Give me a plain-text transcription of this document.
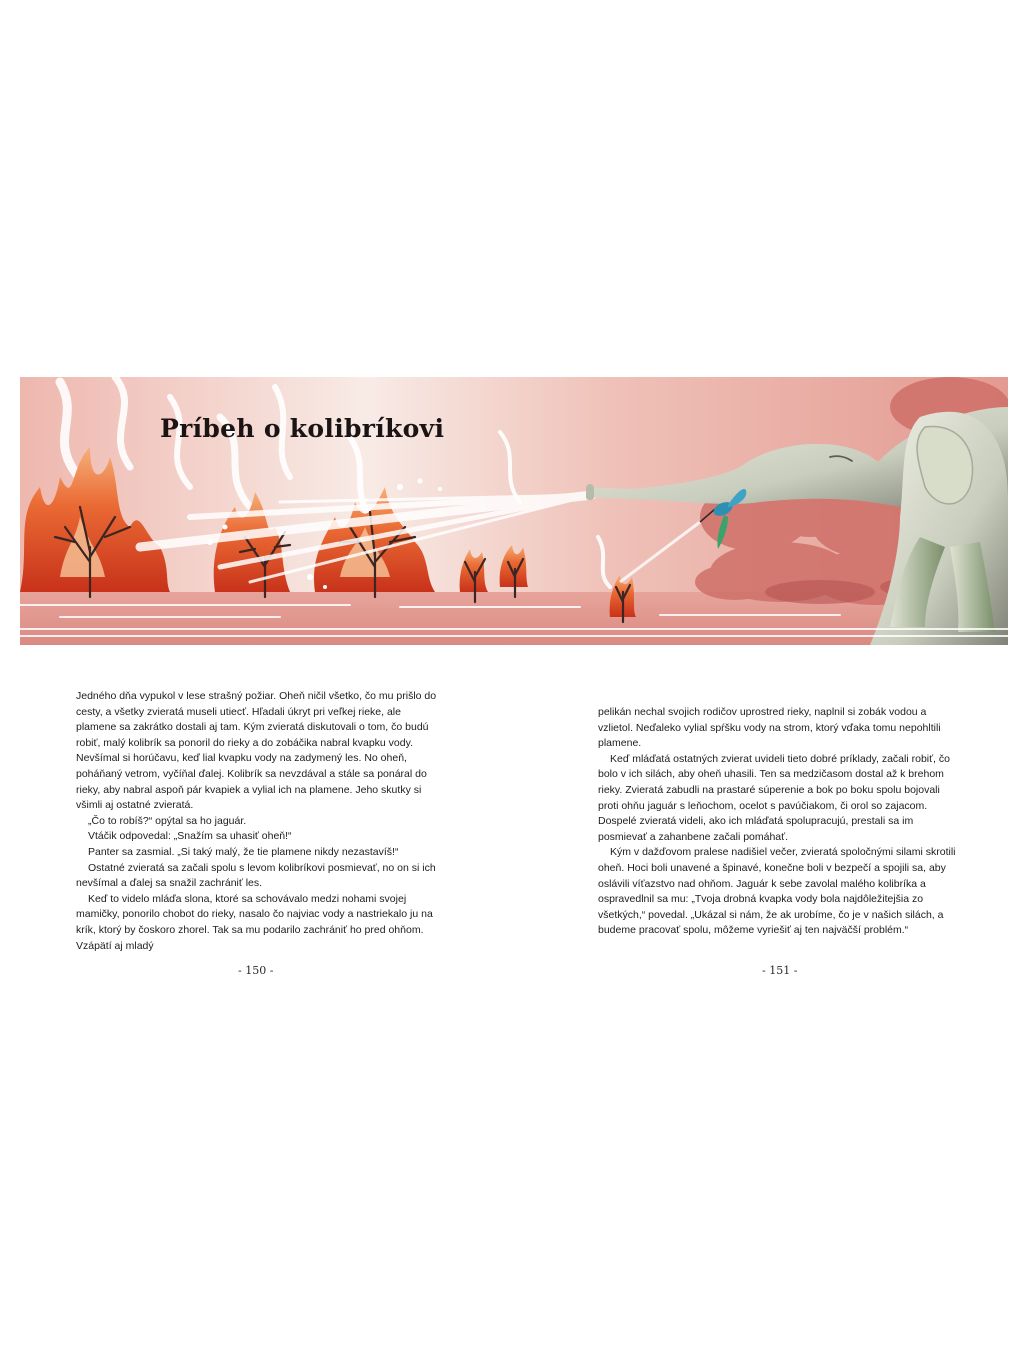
Príbeh o kolibríkovi

Jedného dňa vypukol v lese strašný požiar. Oheň ničil všetko, čo mu prišlo do cesty, a všetky zvieratá museli utiecť. Hľadali úkryt pri veľkej rieke, ale plamene sa zakrátko dostali aj tam. Kým zvieratá diskutovali o tom, čo budú robiť, malý kolibrík sa ponoril do rieky a do zobáčika nabral kvapku vody. Nevšímal si horúčavu, keď lial kvapku vody na zadymený les. No oheň, poháňaný vetrom, vyčíňal ďalej. Kolibrík sa nevzdával a stále sa ponáral do rieky, aby nabral aspoň pár kvapiek a vylial ich na plamene. Jeho skutky si všimli aj ostatné zvieratá.

„Čo to robíš?“ opýtal sa ho jaguár.

Vtáčik odpovedal: „Snažím sa uhasiť oheň!“

Panter sa zasmial. „Si taký malý, že tie plamene nikdy nezastavíš!“

Ostatné zvieratá sa začali spolu s levom kolibríkovi posmievať, no on si ich nevšímal a ďalej sa snažil zachrániť les.

Keď to videlo mláďa slona, ktoré sa schovávalo medzi nohami svojej mamičky, ponorilo chobot do rieky, nasalo čo najviac vody a nastriekalo ju na krík, ktorý by čoskoro zhorel. Tak sa mu podarilo zachrániť ho pred ohňom. Vzápätí aj mladý

pelikán nechal svojich rodičov uprostred rieky, naplnil si zobák vodou a vzlietol. Neďaleko vylial spŕšku vody na strom, ktorý vďaka tomu nepohltili plamene.

Keď mláďatá ostatných zvierat uvideli tieto dobré príklady, začali robiť, čo bolo v ich silách, aby oheň uhasili. Ten sa medzičasom dostal až k brehom rieky. Zvieratá zabudli na prastaré súperenie a bok po boku spolu bojovali proti ohňu jaguár s leňochom, ocelot s pavúčiakom, či orol so zajacom. Dospelé zvieratá videli, ako ich mláďatá spolupracujú, prestali sa im posmievať a zahanbene začali pomáhať.

Kým v dažďovom pralese nadišiel večer, zvieratá spoločnými silami skrotili oheň. Hoci boli unavené a špinavé, konečne boli v bezpečí a spojili sa, aby oslávili víťazstvo nad ohňom. Jaguár k sebe zavolal malého kolibríka a ospravedlnil sa mu: „Tvoja drobná kvapka vody bola najdôležitejšia zo všetkých,“ povedal. „Ukázal si nám, že ak urobíme, čo je v našich silách, a budeme pracovať spolu, môžeme vyriešiť aj ten najväčší problém.“

- 150 -	- 151 -
